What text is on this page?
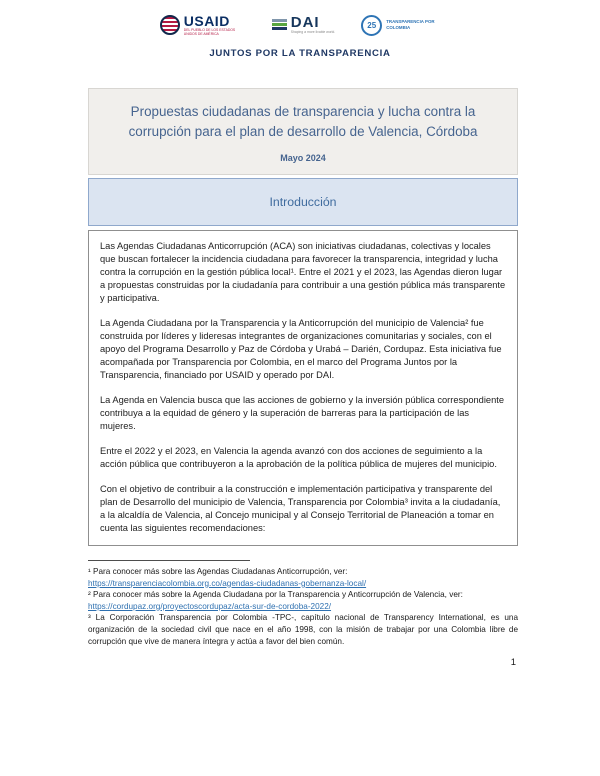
USAID
DEL PUEBLO DE LOS ESTADOS UNIDOS DE AMÉRICA
DAI
Shaping a more livable world.
25 TRANSPARENCIA POR COLOMBIA
JUNTOS POR LA TRANSPARENCIA
Propuestas ciudadanas de transparencia y lucha contra la corrupción para el plan de desarrollo de Valencia, Córdoba
Mayo 2024
Introducción

Las Agendas Ciudadanas Anticorrupción (ACA) son iniciativas ciudadanas, colectivas y locales que buscan fortalecer la incidencia ciudadana para favorecer la transparencia, integridad y lucha contra la corrupción en la gestión pública local¹. Entre el 2021 y el 2023, las Agendas dieron lugar a propuestas construidas por la ciudadanía para contribuir a una gestión pública más transparente y participativa.

La Agenda Ciudadana por la Transparencia y la Anticorrupción del municipio de Valencia² fue construida por líderes y lideresas integrantes de organizaciones comunitarias y sociales, con el apoyo del Programa Desarrollo y Paz de Córdoba y Urabá – Darién, Cordupaz. Esta iniciativa fue acompañada por Transparencia por Colombia, en el marco del Programa Juntos por la Transparencia, financiado por USAID y operado por DAI.

La Agenda en Valencia busca que las acciones de gobierno y la inversión pública correspondiente contribuya a la equidad de género y la superación de barreras para la participación de las mujeres.

Entre el 2022 y el 2023, en Valencia la agenda avanzó con dos acciones de seguimiento a la acción pública que contribuyeron a la aprobación de la política pública de mujeres del municipio.

Con el objetivo de contribuir a la construcción e implementación participativa y transparente del plan de Desarrollo del municipio de Valencia, Transparencia por Colombia³ invita a la ciudadanía, a la alcaldía de Valencia, al Concejo municipal y al Consejo Territorial de Planeación a tomar en cuenta las siguientes recomendaciones:

¹ Para conocer más sobre las Agendas Ciudadanas Anticorrupción, ver:
https://transparenciacolombia.org.co/agendas-ciudadanas-gobernanza-local/
² Para conocer más sobre la Agenda Ciudadana por la Transparencia y Anticorrupción de Valencia, ver:
https://cordupaz.org/proyectoscordupaz/acta-sur-de-cordoba-2022/
³ La Corporación Transparencia por Colombia -TPC-, capítulo nacional de Transparency International, es una organización de la sociedad civil que nace en el año 1998, con la misión de trabajar por una Colombia libre de corrupción que vive de manera íntegra y actúa a favor del bien común.
1
